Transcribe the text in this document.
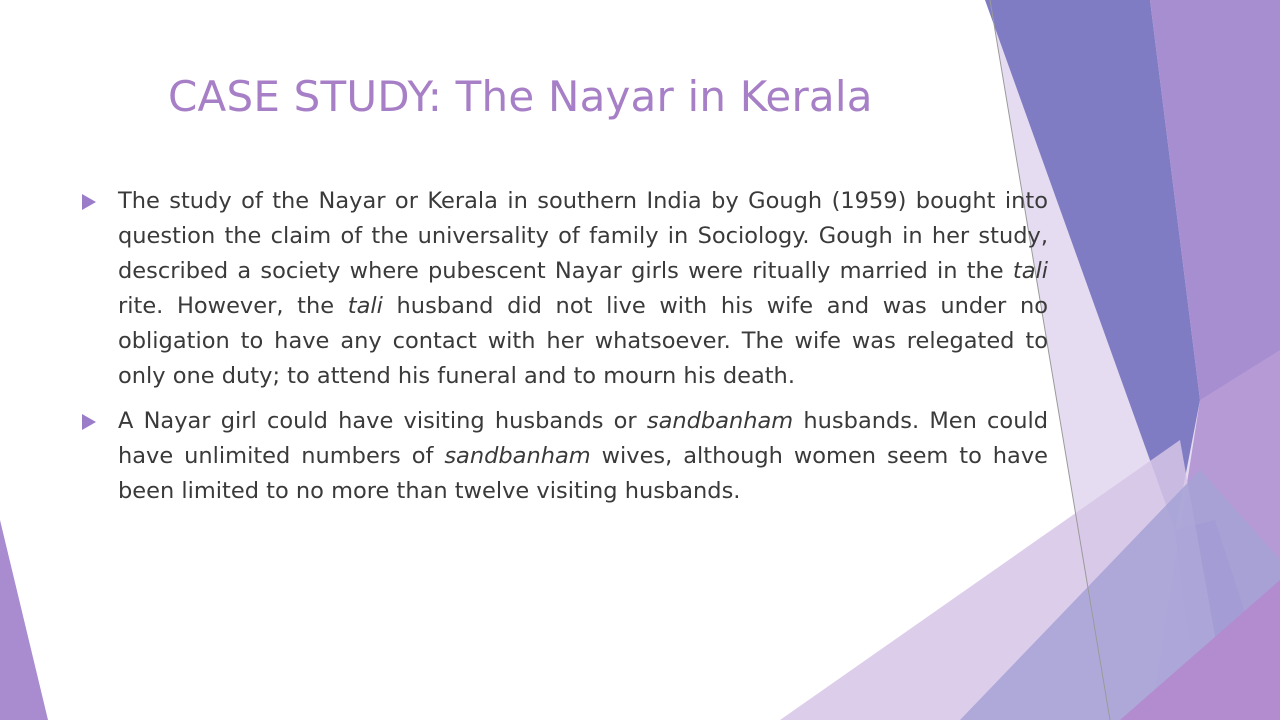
CASE STUDY: The Nayar in Kerala
The study of the Nayar or Kerala in southern India by Gough (1959) bought into question the claim of the universality of family in Sociology. Gough in her study, described a society where pubescent Nayar girls were ritually married in the tali rite. However, the tali husband did not live with his wife and was under no obligation to have any contact with her whatsoever. The wife was relegated to only one duty; to attend his funeral and to mourn his death.
A Nayar girl could have visiting husbands or sandbanham husbands. Men could have unlimited numbers of sandbanham wives, although women seem to have been limited to no more than twelve visiting husbands.
